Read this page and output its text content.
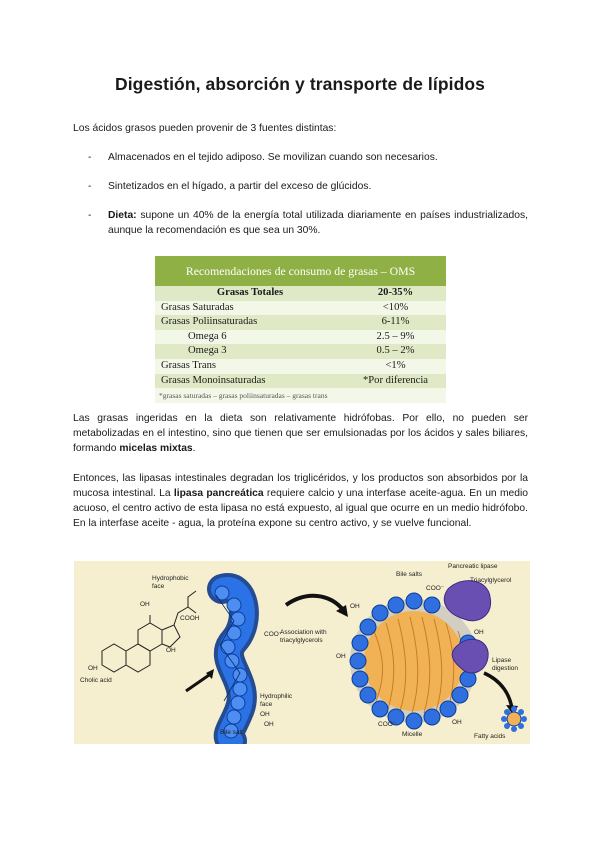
Digestión, absorción y transporte de lípidos

Los ácidos grasos pueden provenir de 3 fuentes distintas:

- Almacenados en el tejido adiposo. Se movilizan cuando son necesarios.
- Sintetizados en el hígado, a partir del exceso de glúcidos.
- Dieta: supone un 40% de la energía total utilizada diariamente en países industrializados, aunque la recomendación es que sea un 30%.
Recomendaciones de consumo de grasas – OMS
Grasas Totales	20-35%
Grasas Saturadas	<10%
Grasas Poliinsaturadas	6-11%
Omega 6	2.5 – 9%
Omega 3	0.5 – 2%
Grasas Trans	<1%
Grasas Monoinsaturadas	*Por diferencia
*grasas saturadas – grasas poliinsaturadas – grasas trans

Las grasas ingeridas en la dieta son relativamente hidrófobas. Por ello, no pueden ser metabolizadas en el intestino, sino que tienen que ser emulsionadas por los ácidos y sales biliares, formando micelas mixtas.

Entonces, las lipasas intestinales degradan los triglicéridos, y los productos son absorbidos por la mucosa intestinal. La lipasa pancreática requiere calcio y una interfase aceite-agua. En un medio acuoso, el centro activo de esta lipasa no está expuesto, al igual que ocurre en un medio hidrófobo. En la interfase aceite - agua, la proteína expone su centro activo, y se vuelve funcional.

Hydrophobic face
Cholic acid
Hydrophilic face
Bile salt
Association with triacylglycerols
Bile salts
Pancreatic lipase
Triacylglycerol
Lipase digestion
Micelle	Fatty acids
COOH
OH
OH
OH
COO⁻
OH
OH
COO⁻
OH
OH
OH
COO⁻	OH
